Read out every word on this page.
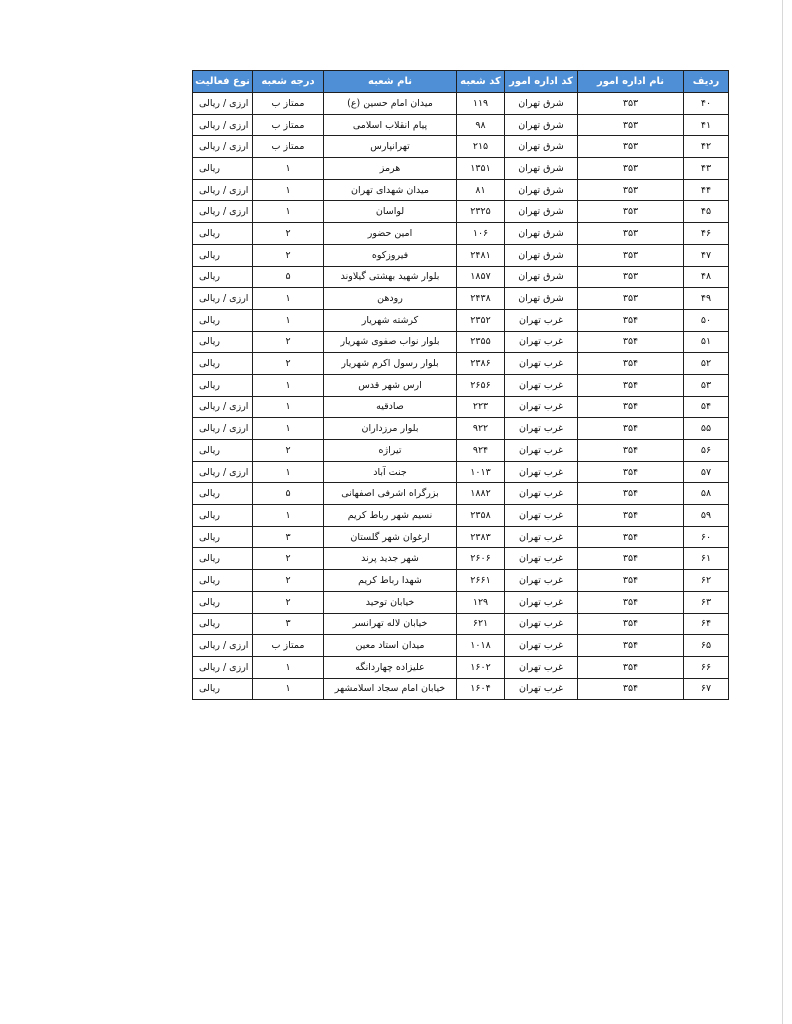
ردیف	نام اداره امور	کد اداره امور	کد شعبه	نام شعبه	درجه شعبه	نوع فعالیت
۴۰	۳۵۳	شرق تهران	۱۱۹	میدان امام حسین (ع)	ممتاز ب	ارزی / ریالی
۴۱	۳۵۳	شرق تهران	۹۸	پیام انقلاب اسلامی	ممتاز ب	ارزی / ریالی
۴۲	۳۵۳	شرق تهران	۲۱۵	تهرانپارس	ممتاز ب	ارزی / ریالی
۴۳	۳۵۳	شرق تهران	۱۳۵۱	هرمز	۱	ریالی
۴۴	۳۵۳	شرق تهران	۸۱	میدان شهدای تهران	۱	ارزی / ریالی
۴۵	۳۵۳	شرق تهران	۲۳۲۵	لواسان	۱	ارزی / ریالی
۴۶	۳۵۳	شرق تهران	۱۰۶	امین حضور	۲	ریالی
۴۷	۳۵۳	شرق تهران	۲۴۸۱	فیروزکوه	۲	ریالی
۴۸	۳۵۳	شرق تهران	۱۸۵۷	بلوار شهید بهشتی گیلاوند	۵	ریالی
۴۹	۳۵۳	شرق تهران	۲۴۳۸	رودهن	۱	ارزی / ریالی
۵۰	۳۵۴	غرب تهران	۲۳۵۲	کرشته شهریار	۱	ریالی
۵۱	۳۵۴	غرب تهران	۲۳۵۵	بلوار نواب صفوی شهریار	۲	ریالی
۵۲	۳۵۴	غرب تهران	۲۳۸۶	بلوار رسول اکرم شهریار	۲	ریالی
۵۳	۳۵۴	غرب تهران	۲۶۵۶	ارس شهر قدس	۱	ریالی
۵۴	۳۵۴	غرب تهران	۲۲۳	صادقیه	۱	ارزی / ریالی
۵۵	۳۵۴	غرب تهران	۹۲۲	بلوار مرزداران	۱	ارزی / ریالی
۵۶	۳۵۴	غرب تهران	۹۲۴	تیراژه	۲	ریالی
۵۷	۳۵۴	غرب تهران	۱۰۱۳	جنت آباد	۱	ارزی / ریالی
۵۸	۳۵۴	غرب تهران	۱۸۸۲	بزرگراه اشرفی اصفهانی	۵	ریالی
۵۹	۳۵۴	غرب تهران	۲۳۵۸	نسیم شهر رباط کریم	۱	ریالی
۶۰	۳۵۴	غرب تهران	۲۳۸۳	ارغوان شهر گلستان	۳	ریالی
۶۱	۳۵۴	غرب تهران	۲۶۰۶	شهر جدید پرند	۲	ریالی
۶۲	۳۵۴	غرب تهران	۲۶۶۱	شهدا رباط کریم	۲	ریالی
۶۳	۳۵۴	غرب تهران	۱۲۹	خیابان توحید	۲	ریالی
۶۴	۳۵۴	غرب تهران	۶۲۱	خیابان لاله تهرانسر	۳	ریالی
۶۵	۳۵۴	غرب تهران	۱۰۱۸	میدان استاد معین	ممتاز ب	ارزی / ریالی
۶۶	۳۵۴	غرب تهران	۱۶۰۲	علیزاده چهاردانگه	۱	ارزی / ریالی
۶۷	۳۵۴	غرب تهران	۱۶۰۴	خیابان امام سجاد اسلامشهر	۱	ریالی
